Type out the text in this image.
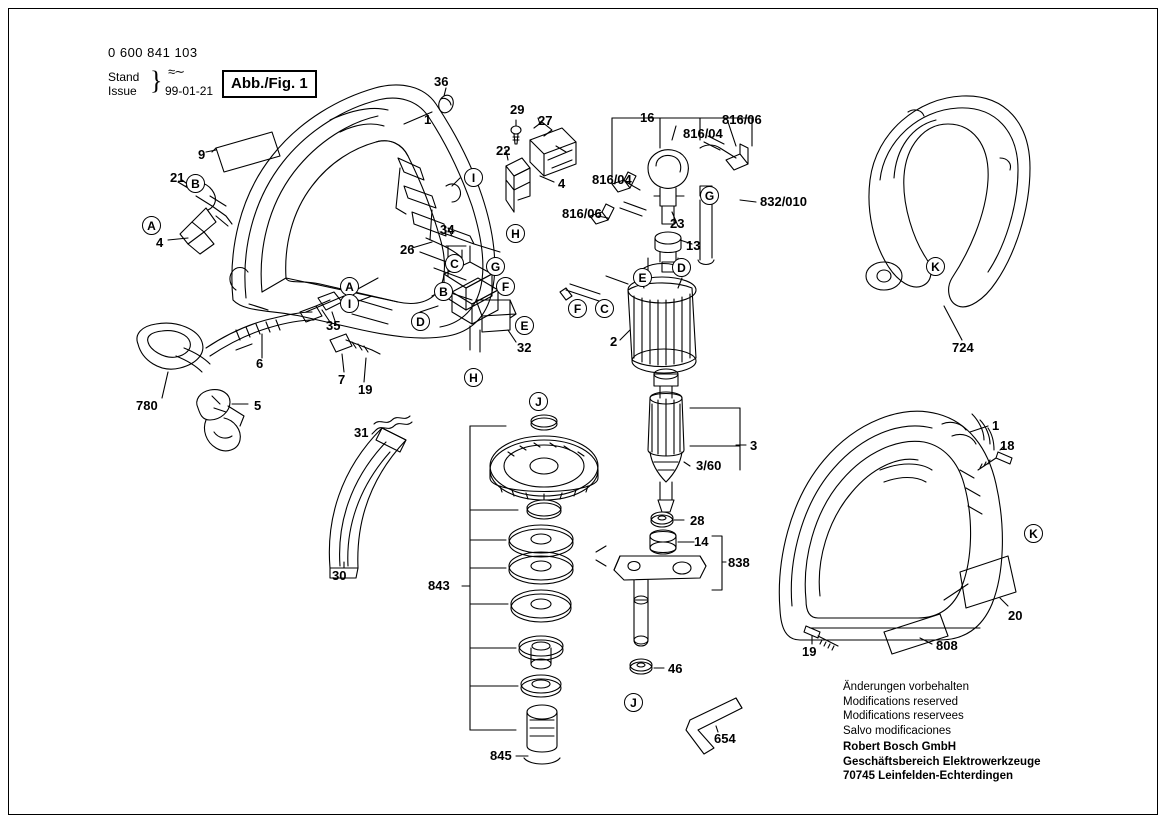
0 600 841 103
Stand
Issue } ≈∼
99-01-21	Abb./Fig. 1	36
1
29
27	16
816/04
816/06
22
9
4 816/04
21
832/010
816/06
23
4
34
13
26
2
32
35
6
724
7
19
780	5
31	1
18
3
3/60
28
14
838
30
843
20
19	808
46
654
845
I
G
H
C	G
A
B
E
D
B	F
A
I
D	E
F	C
H
K
K
J
J
Änderungen vorbehalten
Modifications reserved
Modifications reservees
Salvo modificaciones
Robert Bosch GmbH
Geschäftsbereich Elektrowerkzeuge
70745 Leinfelden-Echterdingen
